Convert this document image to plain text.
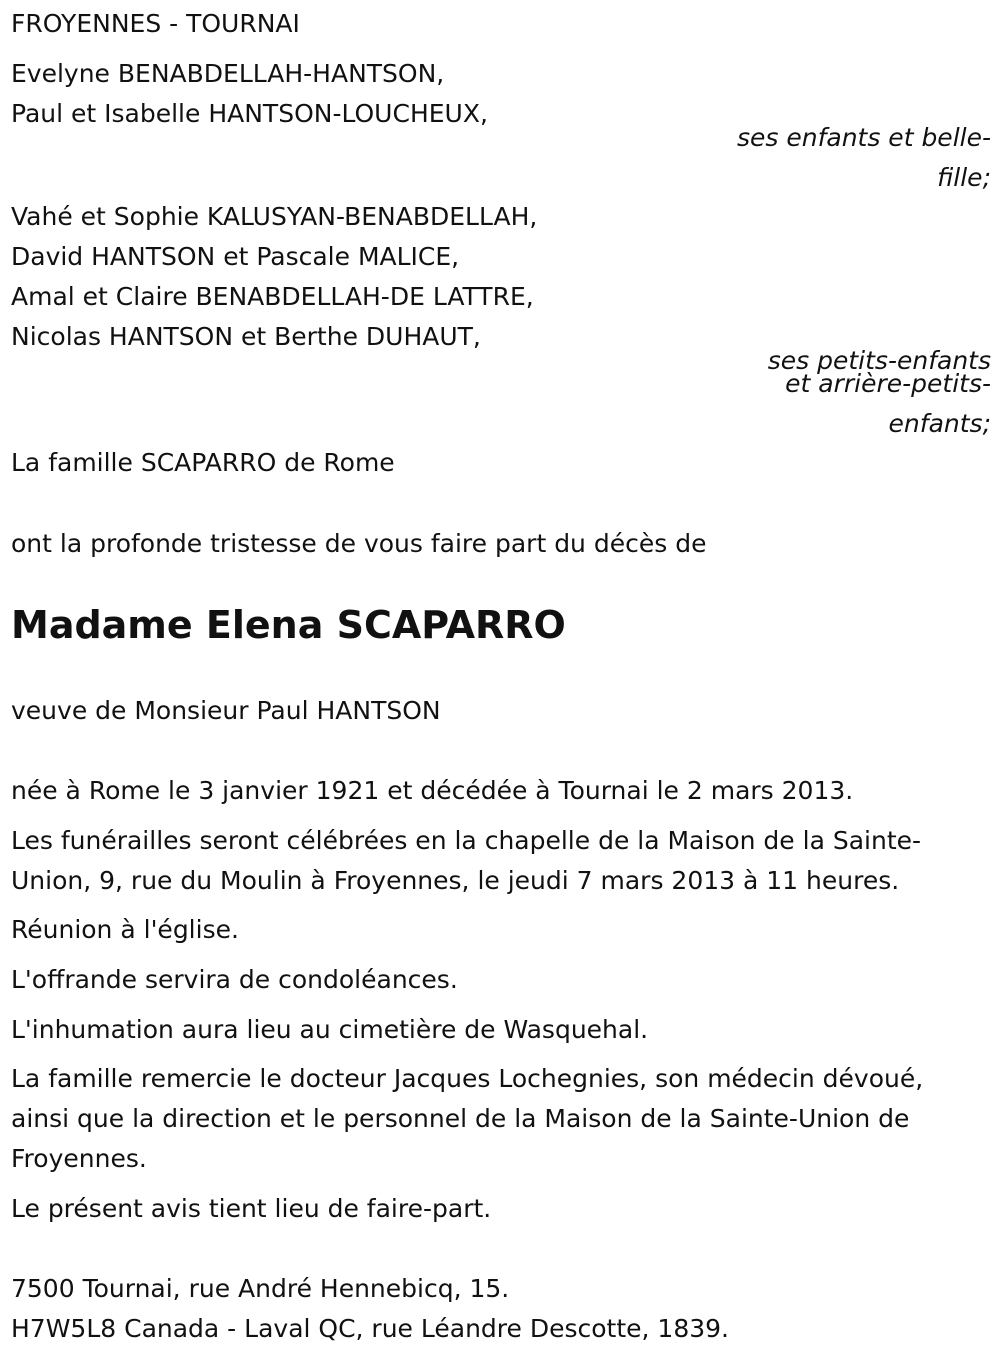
FROYENNES - TOURNAI
Evelyne BENABDELLAH-HANTSON,
Paul et Isabelle HANTSON-LOUCHEUX,
ses enfants et belle-
fille;
Vahé et Sophie KALUSYAN-BENABDELLAH,
David HANTSON et Pascale MALICE,
Amal et Claire BENABDELLAH-DE LATTRE,
Nicolas HANTSON et Berthe DUHAUT,
ses petits-enfants
et arrière-petits-
enfants;
La famille SCAPARRO de Rome
ont la profonde tristesse de vous faire part du décès de
Madame Elena SCAPARRO
veuve de Monsieur Paul HANTSON
née à Rome le 3 janvier 1921 et décédée à Tournai le 2 mars 2013.
Les funérailles seront célébrées en la chapelle de la Maison de la Sainte-
Union, 9, rue du Moulin à Froyennes, le jeudi 7 mars 2013 à 11 heures.
Réunion à l'église.
L'offrande servira de condoléances.
L'inhumation aura lieu au cimetière de Wasquehal.
La famille remercie le docteur Jacques Lochegnies, son médecin dévoué,
ainsi que la direction et le personnel de la Maison de la Sainte-Union de
Froyennes.
Le présent avis tient lieu de faire-part.
7500 Tournai, rue André Hennebicq, 15.
H7W5L8 Canada - Laval QC, rue Léandre Descotte, 1839.
